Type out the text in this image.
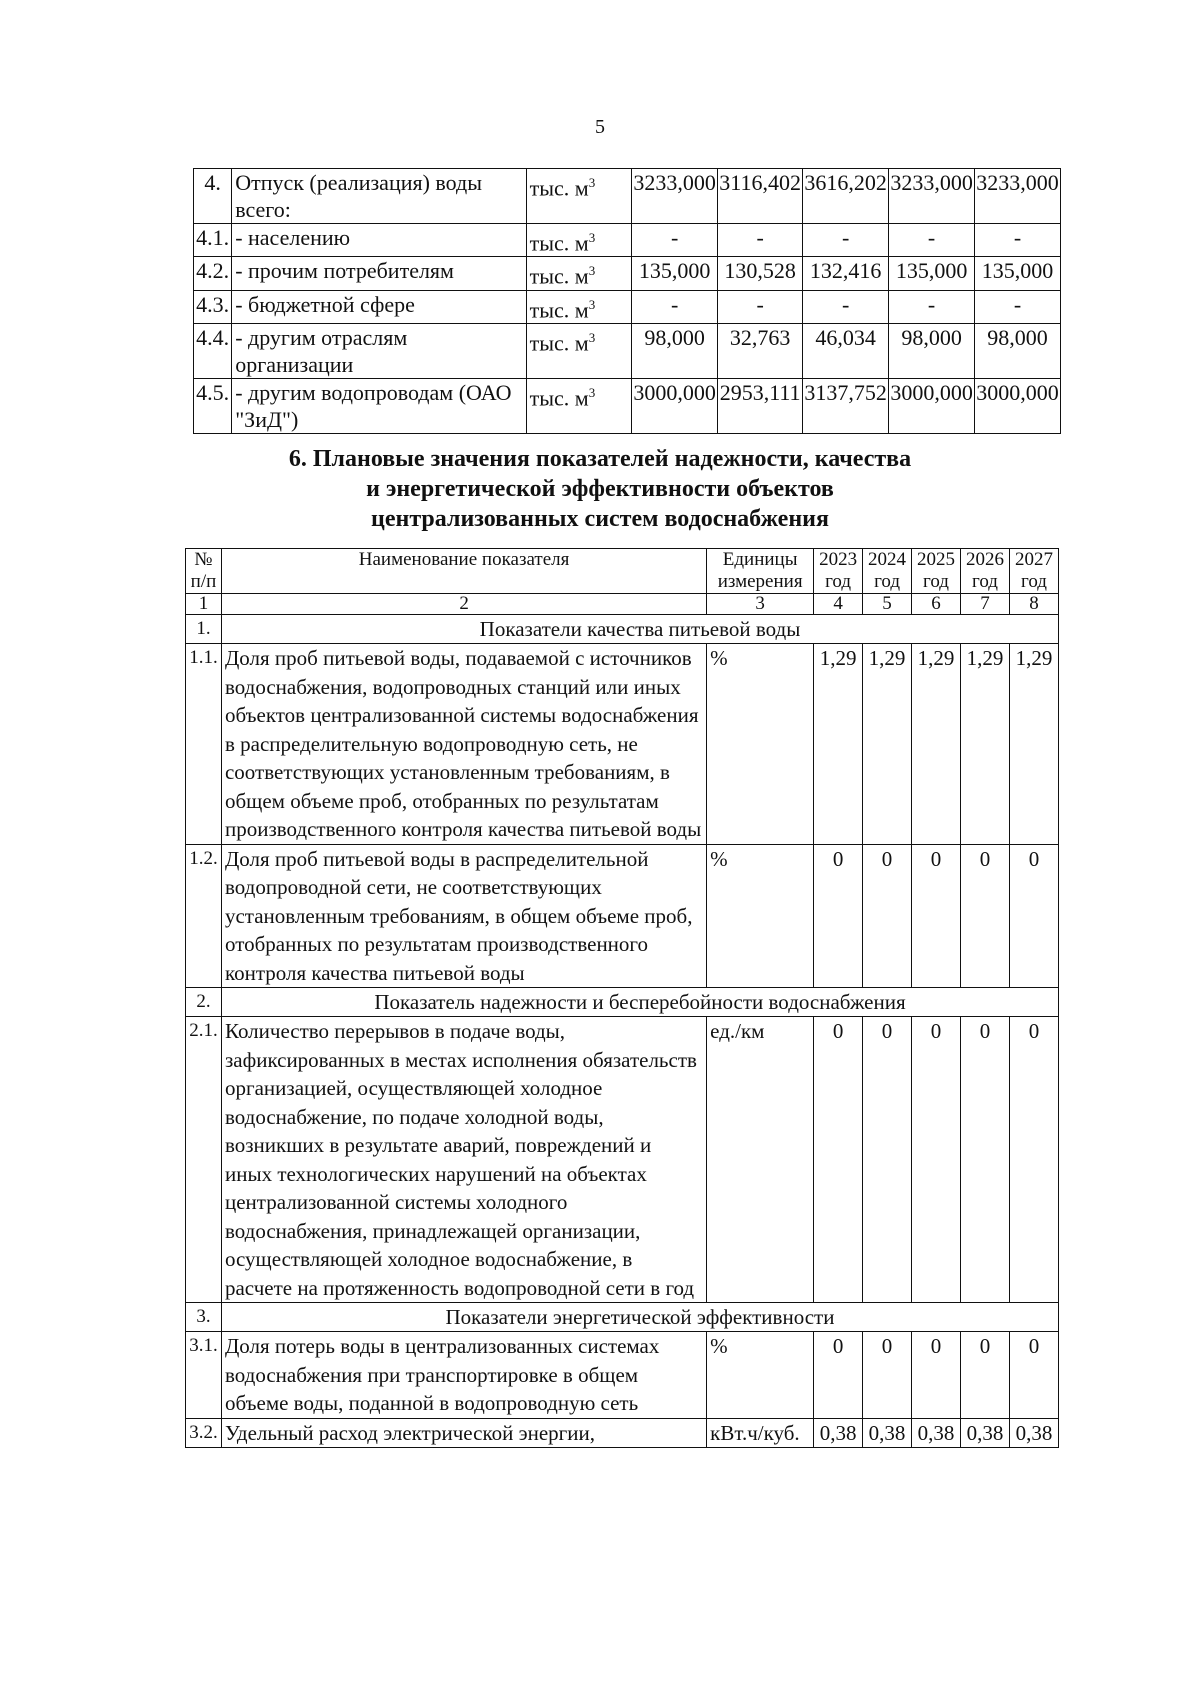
5
4.	Отпуск (реализация) воды всего:	тыс. $м^3$	3233,000	3116,402	3616,202	3233,000	3233,000
4.1.	- населению	тыс. $м^3$	-	-	-	-	-
4.2.	- прочим потребителям	тыс. $м^3$	135,000	130,528	132,416	135,000	135,000
4.3.	- бюджетной сфере	тыс. $м^3$	-	-	-	-	-
4.4.	- другим отраслям организации	тыс. $м^3$	98,000	32,763	46,034	98,000	98,000
4.5.	- другим водопроводам (ОАО "ЗиД")	тыс. $м^3$	3000,000	2953,111	3137,752	3000,000	3000,000
6. Плановые значения показателей надежности, качества
и энергетической эффективности объектов
централизованных систем водоснабжения
№ п/п	Наименование показателя	Единицы измерения	2023 год	2024 год	2025 год	2026 год	2027 год
1	2	3	4	5	6	7	8
1.	Показатели качества питьевой воды						
1.1.	Доля проб питьевой воды, подаваемой с источников водоснабжения, водопроводных станций или иных объектов централизованной системы водоснабжения в распределительную водопроводную сеть, не соответствующих установленным требованиям, в общем объеме проб, отобранных по результатам производственного контроля качества питьевой воды	%	1,29	1,29	1,29	1,29	1,29
1.2.	Доля проб питьевой воды в распределительной водопроводной сети, не соответствующих установленным требованиям, в общем объеме проб, отобранных по результатам производственного контроля качества питьевой воды	%	0	0	0	0	0
2.	Показатель надежности и бесперебойности водоснабжения						
2.1.	Количество перерывов в подаче воды, зафиксированных в местах исполнения обязательств организацией, осуществляющей холодное водоснабжение, по подаче холодной воды, возникших в результате аварий, повреждений и иных технологических нарушений на объектах централизованной системы холодного водоснабжения, принадлежащей организации, осуществляющей холодное водоснабжение, в расчете на протяженность водопроводной сети в год	ед./км	0	0	0	0	0
3.	Показатели энергетической эффективности						
3.1.	Доля потерь воды в централизованных системах водоснабжения при транспортировке в общем объеме воды, поданной в водопроводную сеть	%	0	0	0	0	0
3.2.	Удельный расход электрической энергии,	кВт.ч/куб.	0,38	0,38	0,38	0,38	0,38
